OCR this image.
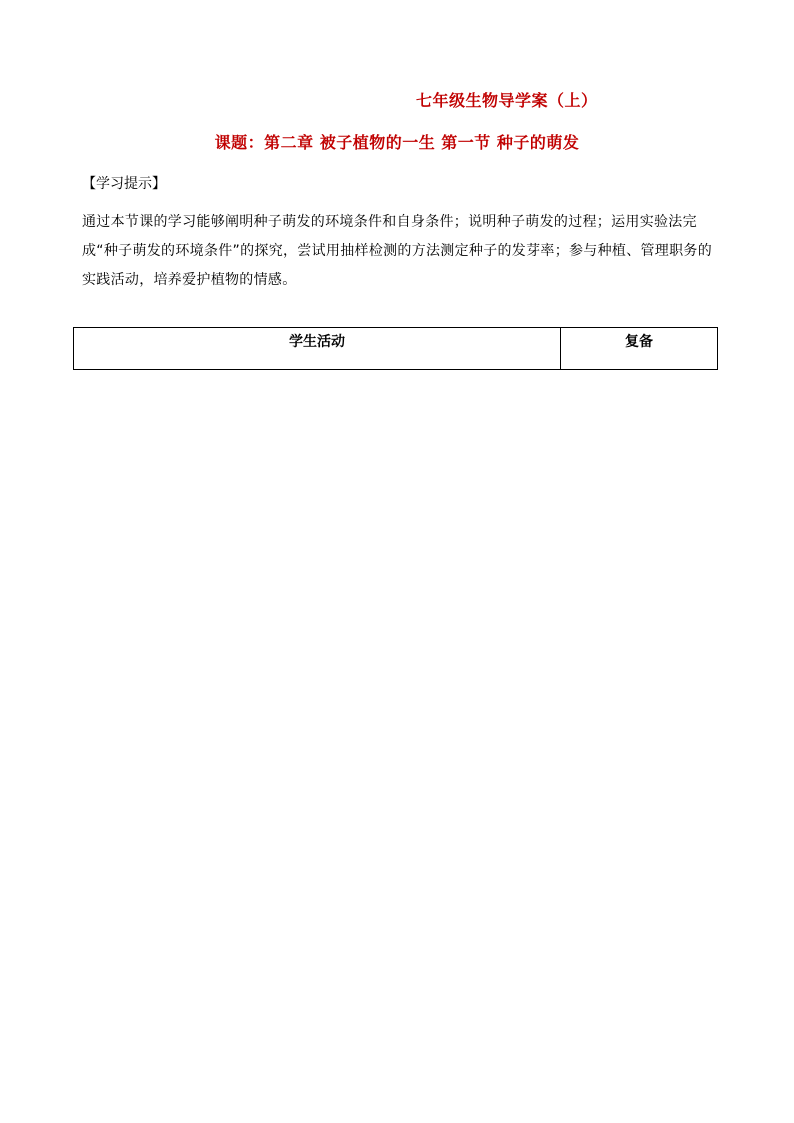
七年级生物导学案（上）
课题：第二章 被子植物的一生 第一节 种子的萌发
【学习提示】

通过本节课的学习能够阐明种子萌发的环境条件和自身条件；说明种子萌发的过程；运用实验法完成“种子萌发的环境条件”的探究，尝试用抽样检测的方法测定种子的发芽率；参与种植、管理职务的实践活动，培养爱护植物的情感。

学生活动	复备
